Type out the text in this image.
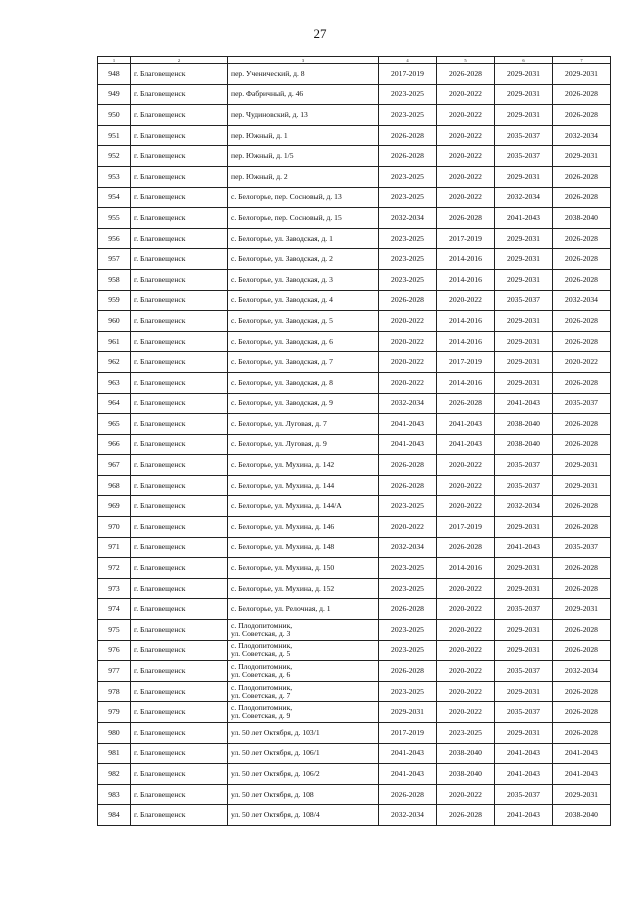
27
1	2	3	4	5	6	7
948	г. Благовещенск	пер. Ученический, д. 8	2017-2019	2026-2028	2029-2031	2029-2031
949	г. Благовещенск	пер. Фабричный, д. 46	2023-2025	2020-2022	2029-2031	2026-2028
950	г. Благовещенск	пер. Чудиновский, д. 13	2023-2025	2020-2022	2029-2031	2026-2028
951	г. Благовещенск	пер. Южный, д. 1	2026-2028	2020-2022	2035-2037	2032-2034
952	г. Благовещенск	пер. Южный, д. 1/5	2026-2028	2020-2022	2035-2037	2029-2031
953	г. Благовещенск	пер. Южный, д. 2	2023-2025	2020-2022	2029-2031	2026-2028
954	г. Благовещенск	с. Белогорье, пер. Сосновый, д. 13	2023-2025	2020-2022	2032-2034	2026-2028
955	г. Благовещенск	с. Белогорье, пер. Сосновый, д. 15	2032-2034	2026-2028	2041-2043	2038-2040
956	г. Благовещенск	с. Белогорье, ул. Заводская, д. 1	2023-2025	2017-2019	2029-2031	2026-2028
957	г. Благовещенск	с. Белогорье, ул. Заводская, д. 2	2023-2025	2014-2016	2029-2031	2026-2028
958	г. Благовещенск	с. Белогорье, ул. Заводская, д. 3	2023-2025	2014-2016	2029-2031	2026-2028
959	г. Благовещенск	с. Белогорье, ул. Заводская, д. 4	2026-2028	2020-2022	2035-2037	2032-2034
960	г. Благовещенск	с. Белогорье, ул. Заводская, д. 5	2020-2022	2014-2016	2029-2031	2026-2028
961	г. Благовещенск	с. Белогорье, ул. Заводская, д. 6	2020-2022	2014-2016	2029-2031	2026-2028
962	г. Благовещенск	с. Белогорье, ул. Заводская, д. 7	2020-2022	2017-2019	2029-2031	2020-2022
963	г. Благовещенск	с. Белогорье, ул. Заводская, д. 8	2020-2022	2014-2016	2029-2031	2026-2028
964	г. Благовещенск	с. Белогорье, ул. Заводская, д. 9	2032-2034	2026-2028	2041-2043	2035-2037
965	г. Благовещенск	с. Белогорье, ул. Луговая, д. 7	2041-2043	2041-2043	2038-2040	2026-2028
966	г. Благовещенск	с. Белогорье, ул. Луговая, д. 9	2041-2043	2041-2043	2038-2040	2026-2028
967	г. Благовещенск	с. Белогорье, ул. Мухина, д. 142	2026-2028	2020-2022	2035-2037	2029-2031
968	г. Благовещенск	с. Белогорье, ул. Мухина, д. 144	2026-2028	2020-2022	2035-2037	2029-2031
969	г. Благовещенск	с. Белогорье, ул. Мухина, д. 144/А	2023-2025	2020-2022	2032-2034	2026-2028
970	г. Благовещенск	с. Белогорье, ул. Мухина, д. 146	2020-2022	2017-2019	2029-2031	2026-2028
971	г. Благовещенск	с. Белогорье, ул. Мухина, д. 148	2032-2034	2026-2028	2041-2043	2035-2037
972	г. Благовещенск	с. Белогорье, ул. Мухина, д. 150	2023-2025	2014-2016	2029-2031	2026-2028
973	г. Благовещенск	с. Белогорье, ул. Мухина, д. 152	2023-2025	2020-2022	2029-2031	2026-2028
974	г. Благовещенск	с. Белогорье, ул. Релочная, д. 1	2026-2028	2020-2022	2035-2037	2029-2031
975	г. Благовещенск	с. Плодопитомник,
ул. Советская, д. 3	2023-2025	2020-2022	2029-2031	2026-2028
976	г. Благовещенск	с. Плодопитомник,
ул. Советская, д. 5	2023-2025	2020-2022	2029-2031	2026-2028
977	г. Благовещенск	с. Плодопитомник,
ул. Советская, д. 6	2026-2028	2020-2022	2035-2037	2032-2034
978	г. Благовещенск	с. Плодопитомник,
ул. Советская, д. 7	2023-2025	2020-2022	2029-2031	2026-2028
979	г. Благовещенск	с. Плодопитомник,
ул. Советская, д. 9	2029-2031	2020-2022	2035-2037	2026-2028
980	г. Благовещенск	ул. 50 лет Октября, д. 103/1	2017-2019	2023-2025	2029-2031	2026-2028
981	г. Благовещенск	ул. 50 лет Октября, д. 106/1	2041-2043	2038-2040	2041-2043	2041-2043
982	г. Благовещенск	ул. 50 лет Октября, д. 106/2	2041-2043	2038-2040	2041-2043	2041-2043
983	г. Благовещенск	ул. 50 лет Октября, д. 108	2026-2028	2020-2022	2035-2037	2029-2031
984	г. Благовещенск	ул. 50 лет Октября, д. 108/4	2032-2034	2026-2028	2041-2043	2038-2040
